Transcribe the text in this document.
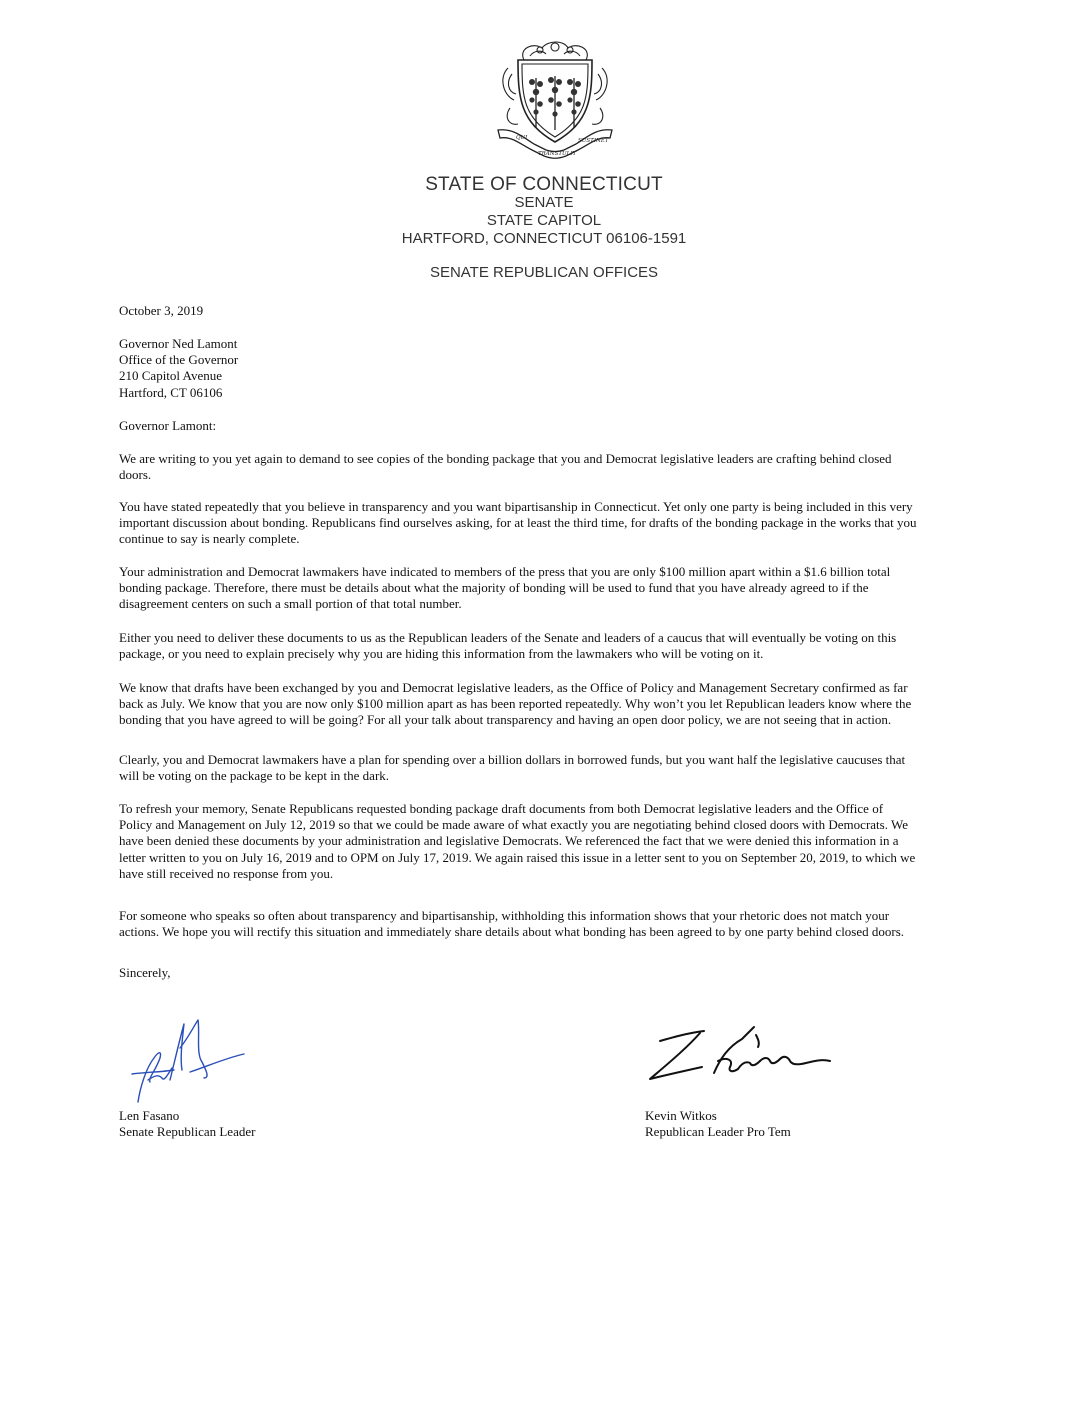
QUI
TRANSTULIT
SUSTINET
STATE OF CONNECTICUT
SENATE
STATE CAPITOL
HARTFORD, CONNECTICUT 06106-1591
SENATE REPUBLICAN OFFICES
October 3, 2019
Governor Ned Lamont
Office of the Governor
210 Capitol Avenue
Hartford, CT 06106
Governor Lamont:
We are writing to you yet again to demand to see copies of the bonding package that you and Democrat legislative leaders are crafting behind closed
doors.
You have stated repeatedly that you believe in transparency and you want bipartisanship in Connecticut. Yet only one party is being included in this very
important discussion about bonding. Republicans find ourselves asking, for at least the third time, for drafts of the bonding package in the works that you
continue to say is nearly complete.
Your administration and Democrat lawmakers have indicated to members of the press that you are only $100 million apart within a $1.6 billion total
bonding package. Therefore, there must be details about what the majority of bonding will be used to fund that you have already agreed to if the
disagreement centers on such a small portion of that total number.
Either you need to deliver these documents to us as the Republican leaders of the Senate and leaders of a caucus that will eventually be voting on this
package, or you need to explain precisely why you are hiding this information from the lawmakers who will be voting on it.
We know that drafts have been exchanged by you and Democrat legislative leaders, as the Office of Policy and Management Secretary confirmed as far
back as July. We know that you are now only $100 million apart as has been reported repeatedly. Why won’t you let Republican leaders know where the
bonding that you have agreed to will be going? For all your talk about transparency and having an open door policy, we are not seeing that in action.
Clearly, you and Democrat lawmakers have a plan for spending over a billion dollars in borrowed funds, but you want half the legislative caucuses that
will be voting on the package to be kept in the dark.
To refresh your memory, Senate Republicans requested bonding package draft documents from both Democrat legislative leaders and the Office of
Policy and Management on July 12, 2019 so that we could be made aware of what exactly you are negotiating behind closed doors with Democrats. We
have been denied these documents by your administration and legislative Democrats. We referenced the fact that we were denied this information in a
letter written to you on July 16, 2019 and to OPM on July 17, 2019. We again raised this issue in a letter sent to you on September 20, 2019, to which we
have still received no response from you.
For someone who speaks so often about transparency and bipartisanship, withholding this information shows that your rhetoric does not match your
actions. We hope you will rectify this situation and immediately share details about what bonding has been agreed to by one party behind closed doors.
Sincerely,
Len Fasano
Senate Republican Leader
Kevin Witkos
Republican Leader Pro Tem
